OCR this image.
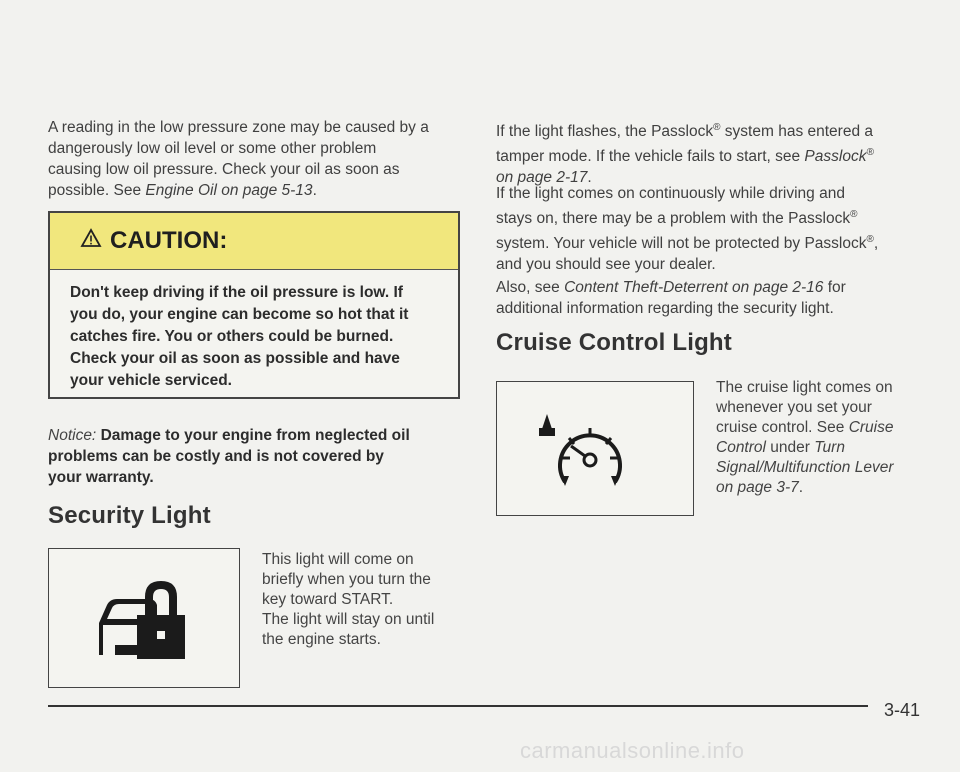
A reading in the low pressure zone may be caused by a
dangerously low oil level or some other problem
causing low oil pressure. Check your oil as soon as
possible. See Engine Oil on page 5-13.

CAUTION:
Don't keep driving if the oil pressure is low. If
you do, your engine can become so hot that it
catches fire. You or others could be burned.
Check your oil as soon as possible and have
your vehicle serviced.
Notice: Damage to your engine from neglected oil
problems can be costly and is not covered by
your warranty.
Security Light

This light will come on
briefly when you turn the
key toward START.
The light will stay on until
the engine starts.

If the light flashes, the Passlock® system has entered a
tamper mode. If the vehicle fails to start, see Passlock®
on page 2-17.

If the light comes on continuously while driving and
stays on, there may be a problem with the Passlock®
system. Your vehicle will not be protected by Passlock®,
and you should see your dealer.

Also, see Content Theft-Deterrent on page 2-16 for
additional information regarding the security light.

Cruise Control Light

The cruise light comes on
whenever you set your
cruise control. See Cruise
Control under Turn
Signal/Multifunction Lever
on page 3-7.

3-41
carmanualsonline.info
